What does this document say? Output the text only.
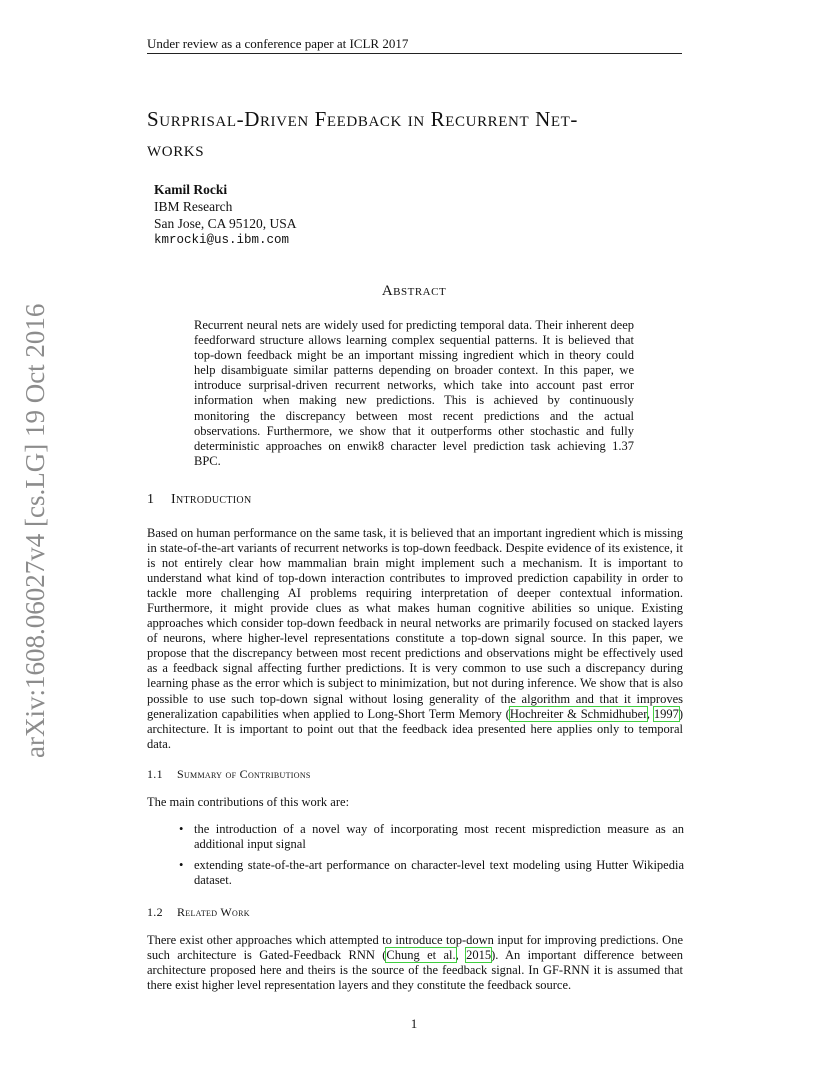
Under review as a conference paper at ICLR 2017
arXiv:1608.06027v4 [cs.LG] 19 Oct 2016
Surprisal-Driven Feedback in Recurrent Net-
works
Kamil Rocki
IBM Research
San Jose, CA 95120, USA
kmrocki@us.ibm.com
Abstract
Recurrent neural nets are widely used for predicting temporal data. Their inherent deep feedforward structure allows learning complex sequential patterns. It is believed that top-down feedback might be an important missing ingredient which in theory could help disambiguate similar patterns depending on broader context. In this paper, we introduce surprisal-driven recurrent networks, which take into account past error information when making new predictions. This is achieved by continuously monitoring the discrepancy between most recent predictions and the actual observations. Furthermore, we show that it outperforms other stochastic and fully deterministic approaches on enwik8 character level prediction task achieving 1.37 BPC.
1 Introduction
Based on human performance on the same task, it is believed that an important ingredient which is missing in state-of-the-art variants of recurrent networks is top-down feedback. Despite evidence of its existence, it is not entirely clear how mammalian brain might implement such a mechanism. It is important to understand what kind of top-down interaction contributes to improved prediction capability in order to tackle more challenging AI problems requiring interpretation of deeper contextual information. Furthermore, it might provide clues as what makes human cognitive abilities so unique. Existing approaches which consider top-down feedback in neural networks are primarily focused on stacked layers of neurons, where higher-level representations constitute a top-down signal source. In this paper, we propose that the discrepancy between most recent predictions and observations might be effectively used as a feedback signal affecting further predictions. It is very common to use such a discrepancy during learning phase as the error which is subject to minimization, but not during inference. We show that is also possible to use such top-down signal without losing generality of the algorithm and that it improves generalization capabilities when applied to Long-Short Term Memory (Hochreiter & Schmidhuber, 1997) architecture. It is important to point out that the feedback idea presented here applies only to temporal data.
1.1 Summary of Contributions
The main contributions of this work are:
• the introduction of a novel way of incorporating most recent misprediction measure as an additional input signal
• extending state-of-the-art performance on character-level text modeling using Hutter Wikipedia dataset.
1.2 Related Work
There exist other approaches which attempted to introduce top-down input for improving predictions. One such architecture is Gated-Feedback RNN (Chung et al., 2015). An important difference between architecture proposed here and theirs is the source of the feedback signal. In GF-RNN it is assumed that there exist higher level representation layers and they constitute the feedback source.
1
